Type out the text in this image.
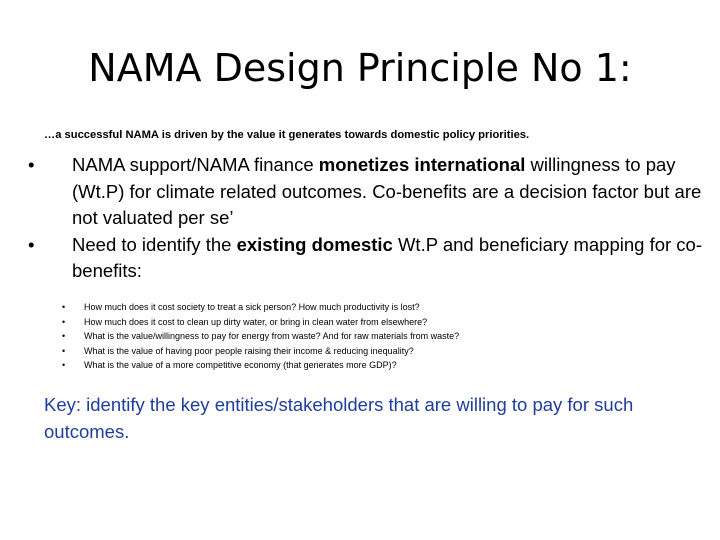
NAMA Design Principle No 1:
…a successful NAMA is driven by the value it generates towards domestic policy priorities.
• NAMA support/NAMA finance monetizes international willingness to pay (Wt.P) for climate related outcomes. Co-benefits are a decision factor but are not valuated per se’
• Need to identify the existing domestic Wt.P and beneficiary mapping for co-benefits:
• How much does it cost society to treat a sick person? How much productivity is lost?
• How much does it cost to clean up dirty water, or bring in clean water from elsewhere?
• What is the value/willingness to pay for energy from waste? And for raw materials from waste?
• What is the value of having poor people raising their income & reducing inequality?
• What is the value of a more competitive economy (that generates more GDP)?

Key: identify the key entities/stakeholders that are willing to pay for such outcomes.
